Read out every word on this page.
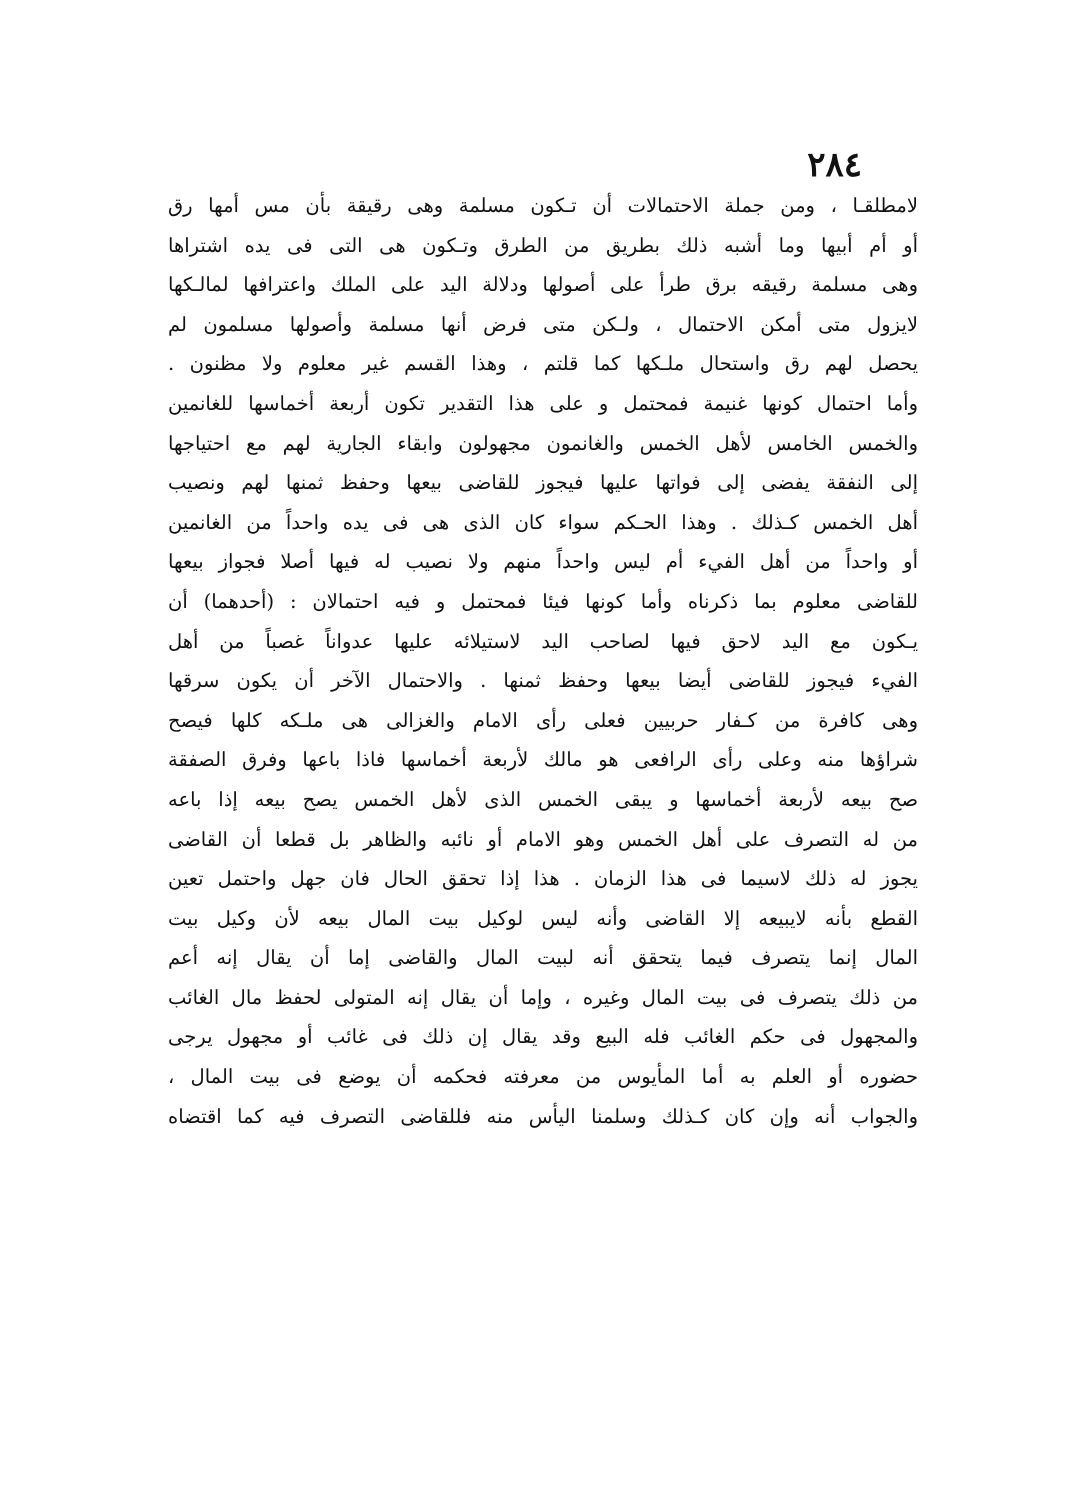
٢٨٤
لامطلقـا ، ومن جملة الاحتمالات أن تـكون مسلمة وهى رقيقة بأن مس أمها رق
أو أم أبيها وما أشبه ذلك بطريق من الطرق وتـكون هى التى فى يده اشتراها
وهى مسلمة رقيقه برق طرأ على أصولها ودلالة اليد على الملك واعترافها لمالـكها
لايزول متى أمكن الاحتمال ، ولـكن متى فرض أنها مسلمة وأصولها مسلمون لم
يحصل لهم رق واستحال ملـكها كما قلتم ، وهذا القسم غير معلوم ولا مظنون .
وأما احتمال كونها غنيمة فمحتمل و على هذا التقدير تكون أربعة أخماسها للغانمين
والخمس الخامس لأهل الخمس والغانمون مجهولون وابقاء الجارية لهم مع احتياجها
إلى النفقة يفضى إلى فواتها عليها فيجوز للقاضى بيعها وحفظ ثمنها لهم ونصيب
أهل الخمس كـذلك . وهذا الحـكم سواء كان الذى هى فى يده واحداً من الغانمين
أو واحداً من أهل الفيء أم ليس واحداً منهم ولا نصيب له فيها أصلا فجواز بيعها
للقاضى معلوم بما ذكرناه وأما كونها فيئا فمحتمل و فيه احتمالان : (أحدهما) أن
يـكون مع اليد لاحق فيها لصاحب اليد لاستيلائه عليها عدواناً غصباً من أهل
الفيء فيجوز للقاضى أيضا بيعها وحفظ ثمنها . والاحتمال الآخر أن يكون سرقها
وهى كافرة من كـفار حربيين فعلى رأى الامام والغزالى هى ملـكه كلها فيصح
شراؤها منه وعلى رأى الرافعى هو مالك لأربعة أخماسها فاذا باعها وفرق الصفقة
صح بيعه لأربعة أخماسها و يبقى الخمس الذى لأهل الخمس يصح بيعه إذا باعه
من له التصرف على أهل الخمس وهو الامام أو نائبه والظاهر بل قطعا أن القاضى
يجوز له ذلك لاسيما فى هذا الزمان . هذا إذا تحقق الحال فان جهل واحتمل تعين
القطع بأنه لايبيعه إلا القاضى وأنه ليس لوكيل بيت المال بيعه لأن وكيل بيت
المال إنما يتصرف فيما يتحقق أنه لبيت المال والقاضى إما أن يقال إنه أعم
من ذلك يتصرف فى بيت المال وغيره ، وإما أن يقال إنه المتولى لحفظ مال الغائب
والمجهول فى حكم الغائب فله البيع وقد يقال إن ذلك فى غائب أو مجهول يرجى
حضوره أو العلم به أما المأيوس من معرفته فحكمه أن يوضع فى بيت المال ،
والجواب أنه وإن كان كـذلك وسلمنا اليأس منه فللقاضى التصرف فيه كما اقتضاه
